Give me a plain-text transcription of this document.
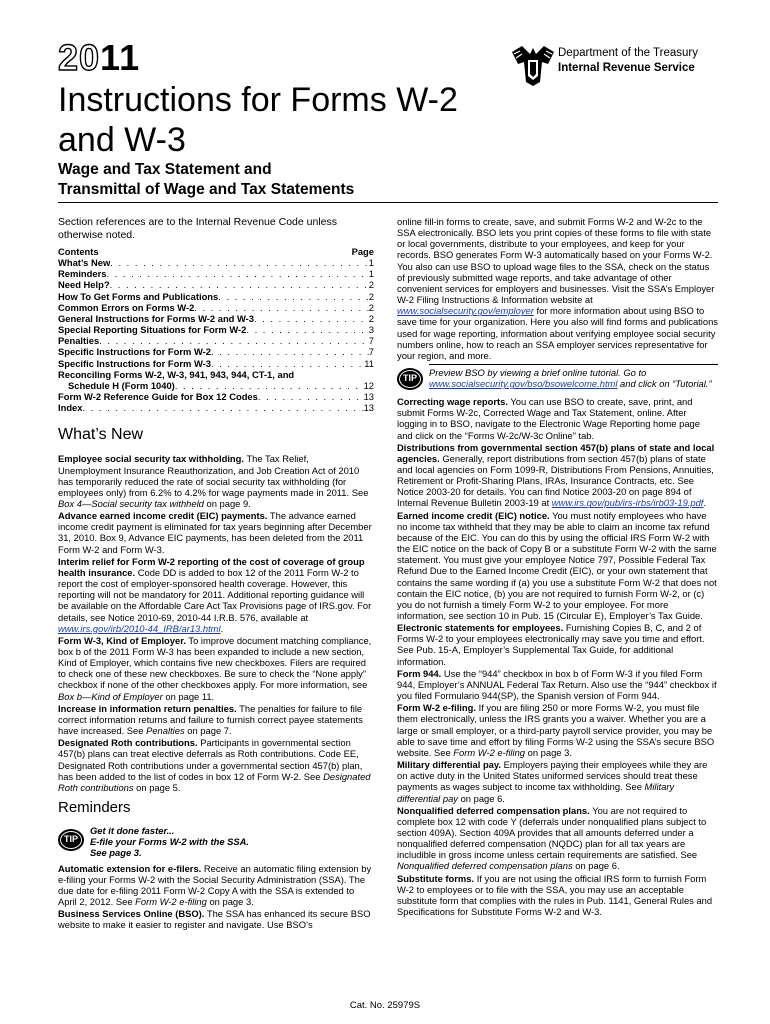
2011
Instructions for Forms W-2
and W-3
Wage and Tax Statement and
Transmittal of Wage and Tax Statements
Department of the Treasury
Internal Revenue Service

Section references are to the Internal Revenue Code unless otherwise noted.

Contents	Page
What’s New . . .	1
Reminders . . .	1
Need Help? . . .	2
How To Get Forms and Publications . . .	2
Common Errors on Forms W-2 . . .	2
General Instructions for Forms W-2 and W-3 . . .	2
Special Reporting Situations for Form W-2 . . .	3
Penalties . . .	7
Specific Instructions for Form W-2 . . .	7
Specific Instructions for Form W-3 . . .	11
Reconciling Forms W-2, W-3, 941, 943, 944, CT-1, and
Schedule H (Form 1040) . . .	12
Form W-2 Reference Guide for Box 12 Codes . . .	13
Index . . .	13
What’s New

Employee social security tax withholding. The Tax Relief, Unemployment Insurance Reauthorization, and Job Creation Act of 2010 has temporarily reduced the rate of social security tax withholding (for employees only) from 6.2% to 4.2% for wage payments made in 2011. See Box 4—Social security tax withheld on page 9.

Advance earned income credit (EIC) payments. The advance earned income credit payment is eliminated for tax years beginning after December 31, 2010. Box 9, Advance EIC payments, has been deleted from the 2011 Form W-2 and Form W-3.

Interim relief for Form W-2 reporting of the cost of coverage of group health insurance. Code DD is added to box 12 of the 2011 Form W-2 to report the cost of employer-sponsored health coverage. However, this reporting will not be mandatory for 2011. Additional reporting guidance will be available on the Affordable Care Act Tax Provisions page of IRS.gov. For details, see Notice 2010-69, 2010-44 I.R.B. 576, available at www.irs.gov/irb/2010-44_IRB/ar13.html.

Form W-3, Kind of Employer. To improve document matching compliance, box b of the 2011 Form W-3 has been expanded to include a new section, Kind of Employer, which contains five new checkboxes. Filers are required to check one of these new checkboxes. Be sure to check the “None apply” checkbox if none of the other checkboxes apply. For more information, see Box b—Kind of Employer on page 11.

Increase in information return penalties. The penalties for failure to file correct information returns and failure to furnish correct payee statements have increased. See Penalties on page 7.

Designated Roth contributions. Participants in governmental section 457(b) plans can treat elective deferrals as Roth contributions. Code EE, Designated Roth contributions under a governmental section 457(b) plan, has been added to the list of codes in box 12 of Form W-2. See Designated Roth contributions on page 5.

Reminders
TIP
Get it done faster...
E-file your Forms W-2 with the SSA.
See page 3.

Automatic extension for e-filers. Receive an automatic filing extension by e-filing your Forms W-2 with the Social Security Administration (SSA). The due date for e-filing 2011 Form W-2 Copy A with the SSA is extended to April 2, 2012. See Form W-2 e-filing on page 3.

Business Services Online (BSO). The SSA has enhanced its secure BSO website to make it easier to register and navigate. Use BSO’s

online fill-in forms to create, save, and submit Forms W-2 and W-2c to the SSA electronically. BSO lets you print copies of these forms to file with state or local governments, distribute to your employees, and keep for your records. BSO generates Form W-3 automatically based on your Forms W-2. You also can use BSO to upload wage files to the SSA, check on the status of previously submitted wage reports, and take advantage of other convenient services for employers and businesses. Visit the SSA’s Employer W-2 Filing Instructions & Information website at www.socialsecurity.gov/employer for more information about using BSO to save time for your organization. Here you also will find forms and publications used for wage reporting, information about verifying employee social security numbers online, how to reach an SSA employer services representative for your region, and more.

TIP
Preview BSO by viewing a brief online tutorial. Go to www.socialsecurity.gov/bso/bsowelcome.html and click on “Tutorial.”

Correcting wage reports. You can use BSO to create, save, print, and submit Forms W-2c, Corrected Wage and Tax Statement, online. After logging in to BSO, navigate to the Electronic Wage Reporting home page and click on the “Forms W-2c/W-3c Online” tab.

Distributions from governmental section 457(b) plans of state and local agencies. Generally, report distributions from section 457(b) plans of state and local agencies on Form 1099-R, Distributions From Pensions, Annuities, Retirement or Profit-Sharing Plans, IRAs, Insurance Contracts, etc. See Notice 2003-20 for details. You can find Notice 2003-20 on page 894 of Internal Revenue Bulletin 2003-19 at www.irs.gov/pub/irs-irbs/irb03-19.pdf.

Earned income credit (EIC) notice. You must notify employees who have no income tax withheld that they may be able to claim an income tax refund because of the EIC. You can do this by using the official IRS Form W-2 with the EIC notice on the back of Copy B or a substitute Form W-2 with the same statement. You must give your employee Notice 797, Possible Federal Tax Refund Due to the Earned Income Credit (EIC), or your own statement that contains the same wording if (a) you use a substitute Form W-2 that does not contain the EIC notice, (b) you are not required to furnish Form W-2, or (c) you do not furnish a timely Form W-2 to your employee. For more information, see section 10 in Pub. 15 (Circular E), Employer’s Tax Guide.

Electronic statements for employees. Furnishing Copies B, C, and 2 of Forms W-2 to your employees electronically may save you time and effort. See Pub. 15-A, Employer’s Supplemental Tax Guide, for additional information.

Form 944. Use the “944” checkbox in box b of Form W-3 if you filed Form 944, Employer’s ANNUAL Federal Tax Return. Also use the “944” checkbox if you filed Formulario 944(SP), the Spanish version of Form 944.

Form W-2 e-filing. If you are filing 250 or more Forms W-2, you must file them electronically, unless the IRS grants you a waiver. Whether you are a large or small employer, or a third-party payroll service provider, you may be able to save time and effort by filing Forms W-2 using the SSA’s secure BSO website. See Form W-2 e-filing on page 3.

Military differential pay. Employers paying their employees while they are on active duty in the United States uniformed services should treat these payments as wages subject to income tax withholding. See Military differential pay on page 6.

Nonqualified deferred compensation plans. You are not required to complete box 12 with code Y (deferrals under nonqualified plans subject to section 409A). Section 409A provides that all amounts deferred under a nonqualified deferred compensation (NQDC) plan for all tax years are includible in gross income unless certain requirements are satisfied. See Nonqualified deferred compensation plans on page 6.

Substitute forms. If you are not using the official IRS form to furnish Form W-2 to employees or to file with the SSA, you may use an acceptable substitute form that complies with the rules in Pub. 1141, General Rules and Specifications for Substitute Forms W-2 and W-3.

Cat. No. 25979S
